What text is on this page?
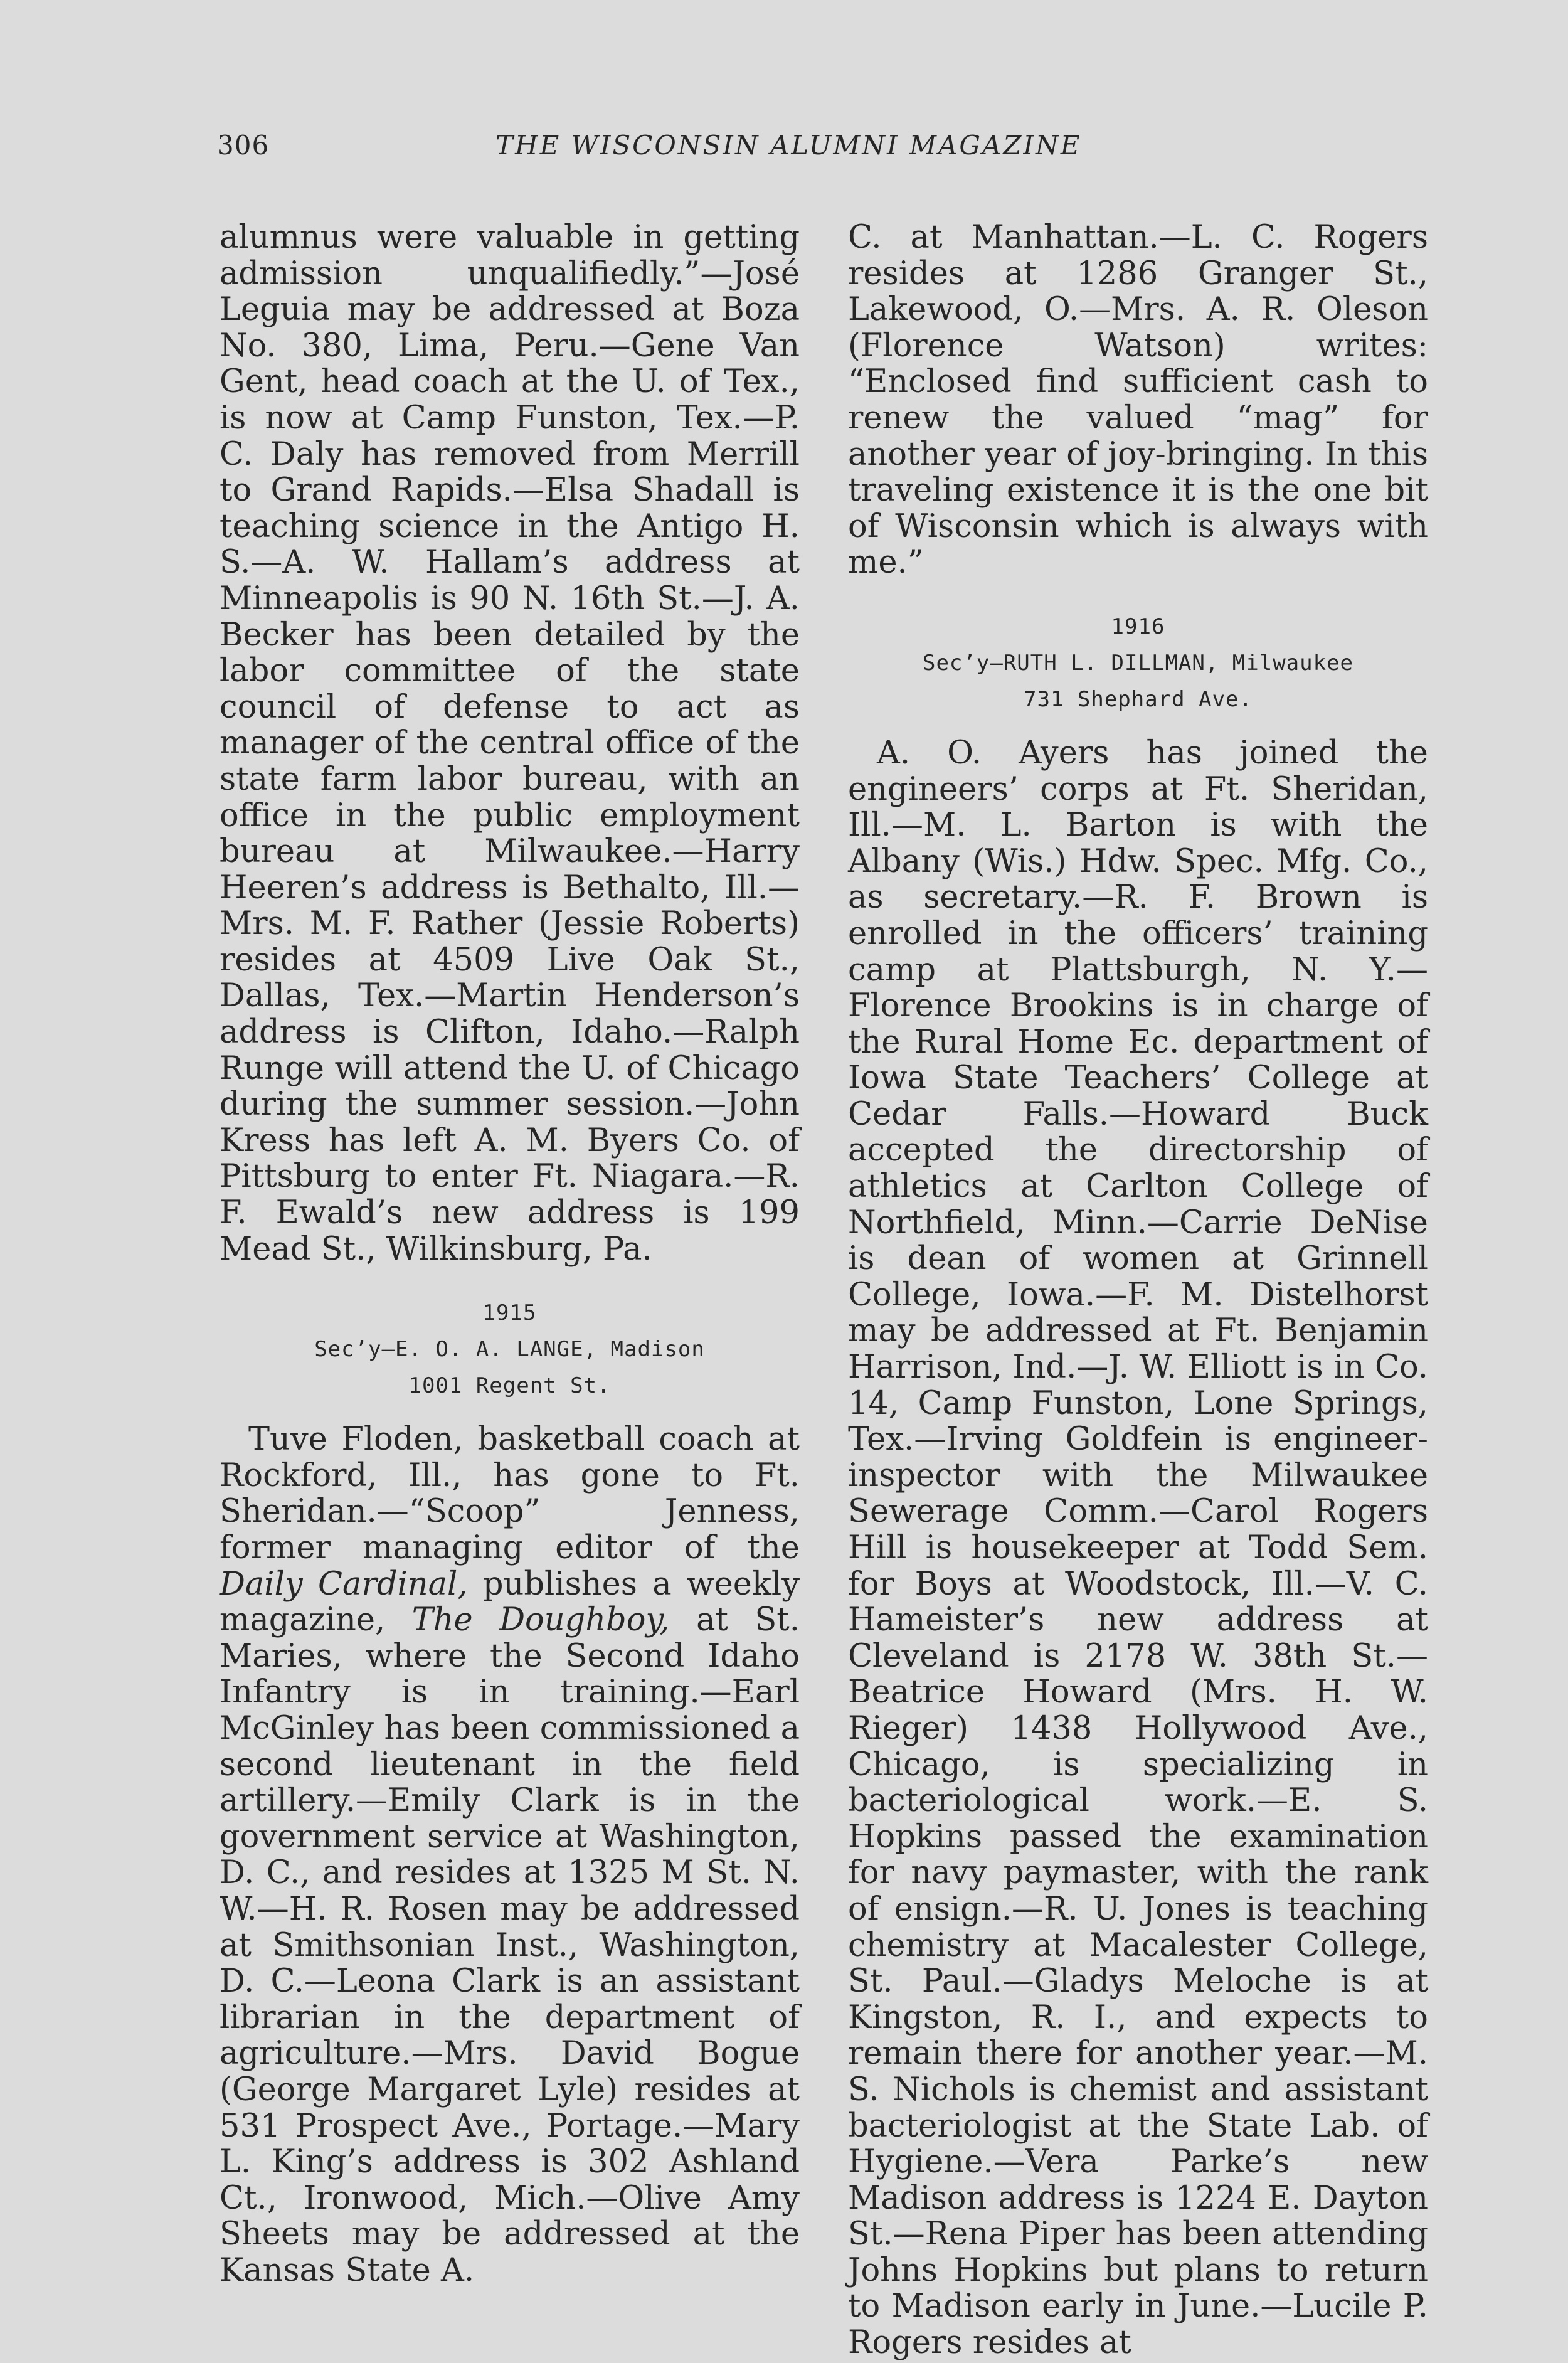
306	THE WISCONSIN ALUMNI MAGAZINE

alumnus were valuable in getting admission unqualifiedly.”—José Leguia may be addressed at Boza No. 380, Lima, Peru.—Gene Van Gent, head coach at the U. of Tex., is now at Camp Funston, Tex.—P. C. Daly has removed from Merrill to Grand Rapids.—Elsa Shadall is teaching science in the Antigo H. S.—A. W. Hallam’s address at Minneapolis is 90 N. 16th St.—J. A. Becker has been detailed by the labor committee of the state council of defense to act as manager of the central office of the state farm labor bureau, with an office in the public employment bureau at Milwaukee.—Harry Heeren’s address is Bethalto, Ill.—Mrs. M. F. Rather (Jessie Roberts) resides at 4509 Live Oak St., Dallas, Tex.—Martin Henderson’s address is Clifton, Idaho.—Ralph Runge will attend the U. of Chicago during the summer session.—John Kress has left A. M. Byers Co. of Pittsburg to enter Ft. Niagara.—R. F. Ewald’s new address is 199 Mead St., Wilkinsburg, Pa.

1915
Sec’y—E. O. A. LANGE, Madison
1001 Regent St.

Tuve Floden, basketball coach at Rockford, Ill., has gone to Ft. Sheridan.—“Scoop” Jenness, former managing editor of the Daily Cardinal, publishes a weekly magazine, The Doughboy, at St. Maries, where the Second Idaho Infantry is in training.—Earl McGinley has been commissioned a second lieutenant in the field artillery.—Emily Clark is in the government service at Washington, D. C., and resides at 1325 M St. N. W.—H. R. Rosen may be addressed at Smithsonian Inst., Washington, D. C.—Leona Clark is an assistant librarian in the department of agriculture.—Mrs. David Bogue (George Margaret Lyle) resides at 531 Prospect Ave., Portage.—Mary L. King’s address is 302 Ashland Ct., Ironwood, Mich.—Olive Amy Sheets may be addressed at the Kansas State A.

C. at Manhattan.—L. C. Rogers resides at 1286 Granger St., Lakewood, O.—Mrs. A. R. Oleson (Florence Watson) writes: “Enclosed find sufficient cash to renew the valued “mag” for another year of joy-bringing. In this traveling existence it is the one bit of Wisconsin which is always with me.”

1916
Sec’y—RUTH L. DILLMAN, Milwaukee
731 Shephard Ave.

A. O. Ayers has joined the engineers’ corps at Ft. Sheridan, Ill.—M. L. Barton is with the Albany (Wis.) Hdw. Spec. Mfg. Co., as secretary.—R. F. Brown is enrolled in the officers’ training camp at Plattsburgh, N. Y.—Florence Brookins is in charge of the Rural Home Ec. department of Iowa State Teachers’ College at Cedar Falls.—Howard Buck accepted the directorship of athletics at Carlton College of Northfield, Minn.—Carrie DeNise is dean of women at Grinnell College, Iowa.—F. M. Distelhorst may be addressed at Ft. Benjamin Harrison, Ind.—J. W. Elliott is in Co. 14, Camp Funston, Lone Springs, Tex.—Irving Goldfein is engineer-inspector with the Milwaukee Sewerage Comm.—Carol Rogers Hill is housekeeper at Todd Sem. for Boys at Woodstock, Ill.—V. C. Hameister’s new address at Cleveland is 2178 W. 38th St.—Beatrice Howard (Mrs. H. W. Rieger) 1438 Hollywood Ave., Chicago, is specializing in bacteriological work.—E. S. Hopkins passed the examination for navy paymaster, with the rank of ensign.—R. U. Jones is teaching chemistry at Macalester College, St. Paul.—Gladys Meloche is at Kingston, R. I., and expects to remain there for another year.—M. S. Nichols is chemist and assistant bacteriologist at the State Lab. of Hygiene.—Vera Parke’s new Madison address is 1224 E. Dayton St.—Rena Piper has been attending Johns Hopkins but plans to return to Madison early in June.—Lucile P. Rogers resides at
